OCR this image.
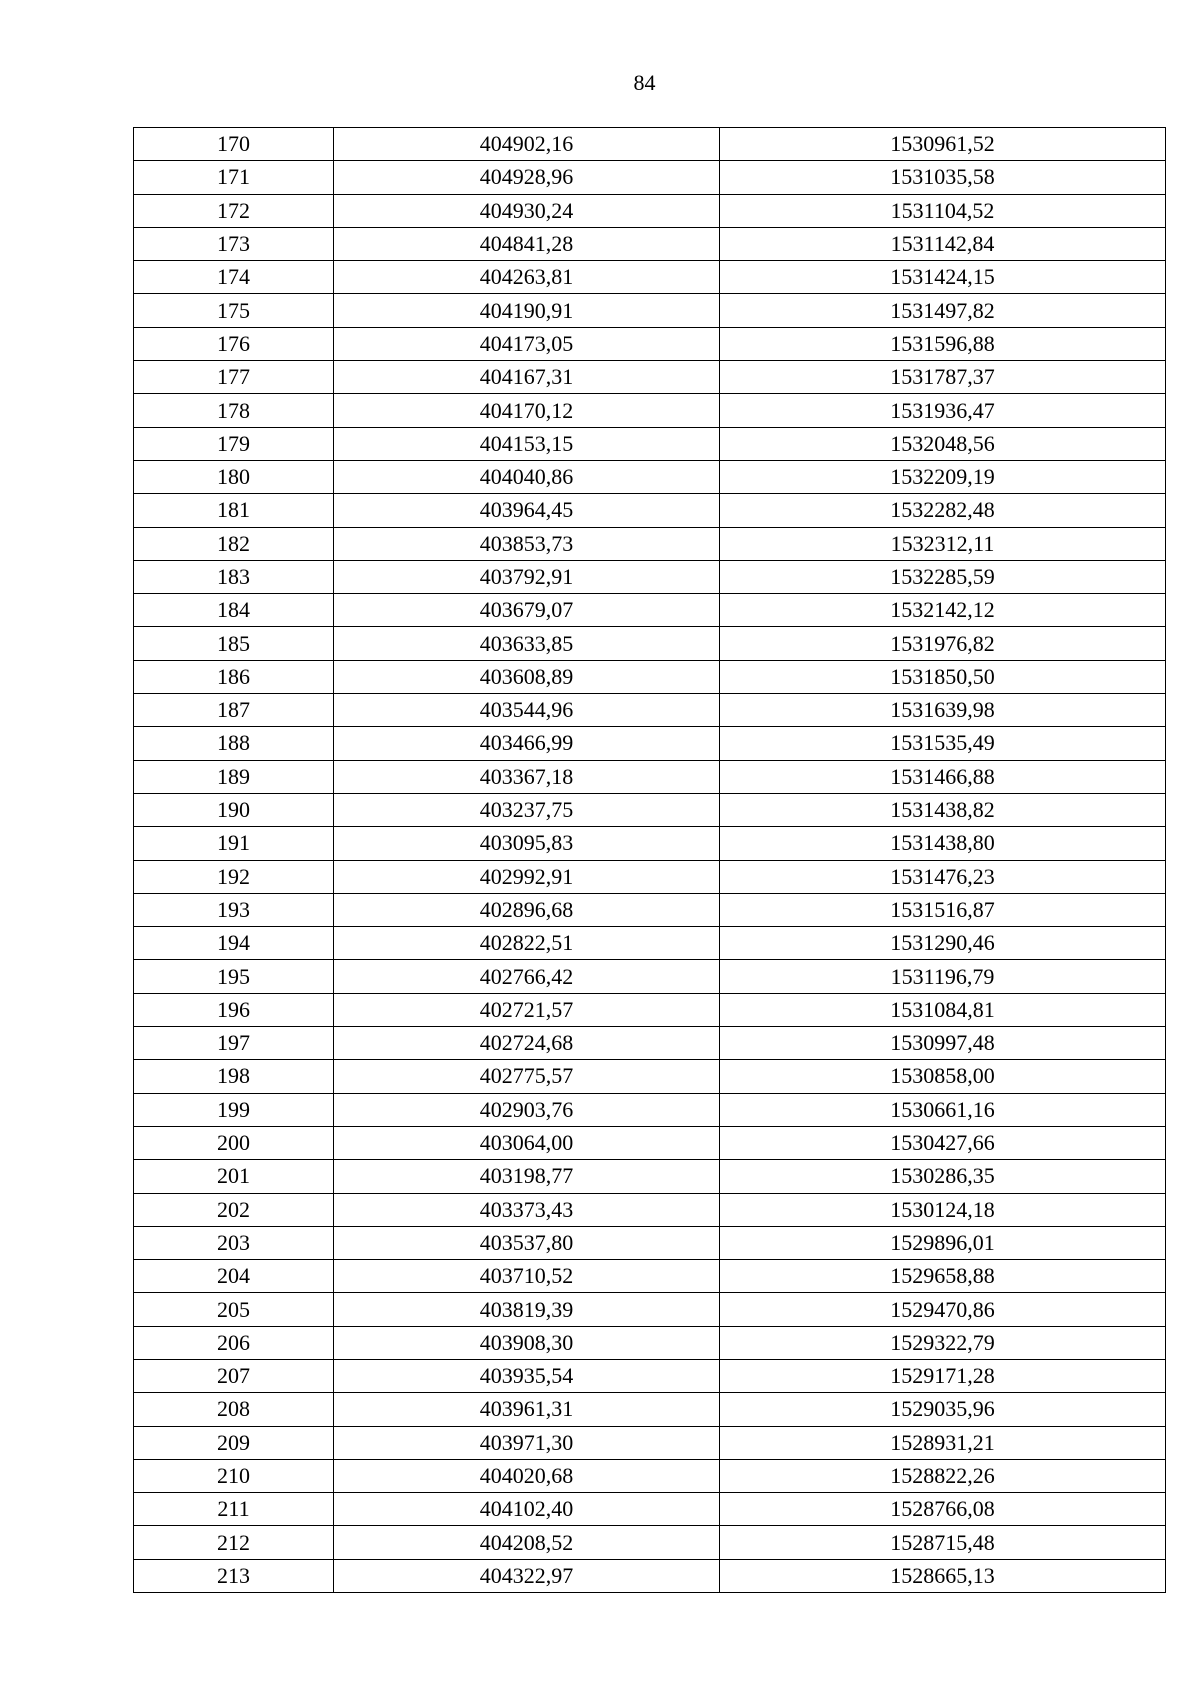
84
170	404902,16	1530961,52
171	404928,96	1531035,58
172	404930,24	1531104,52
173	404841,28	1531142,84
174	404263,81	1531424,15
175	404190,91	1531497,82
176	404173,05	1531596,88
177	404167,31	1531787,37
178	404170,12	1531936,47
179	404153,15	1532048,56
180	404040,86	1532209,19
181	403964,45	1532282,48
182	403853,73	1532312,11
183	403792,91	1532285,59
184	403679,07	1532142,12
185	403633,85	1531976,82
186	403608,89	1531850,50
187	403544,96	1531639,98
188	403466,99	1531535,49
189	403367,18	1531466,88
190	403237,75	1531438,82
191	403095,83	1531438,80
192	402992,91	1531476,23
193	402896,68	1531516,87
194	402822,51	1531290,46
195	402766,42	1531196,79
196	402721,57	1531084,81
197	402724,68	1530997,48
198	402775,57	1530858,00
199	402903,76	1530661,16
200	403064,00	1530427,66
201	403198,77	1530286,35
202	403373,43	1530124,18
203	403537,80	1529896,01
204	403710,52	1529658,88
205	403819,39	1529470,86
206	403908,30	1529322,79
207	403935,54	1529171,28
208	403961,31	1529035,96
209	403971,30	1528931,21
210	404020,68	1528822,26
211	404102,40	1528766,08
212	404208,52	1528715,48
213	404322,97	1528665,13
